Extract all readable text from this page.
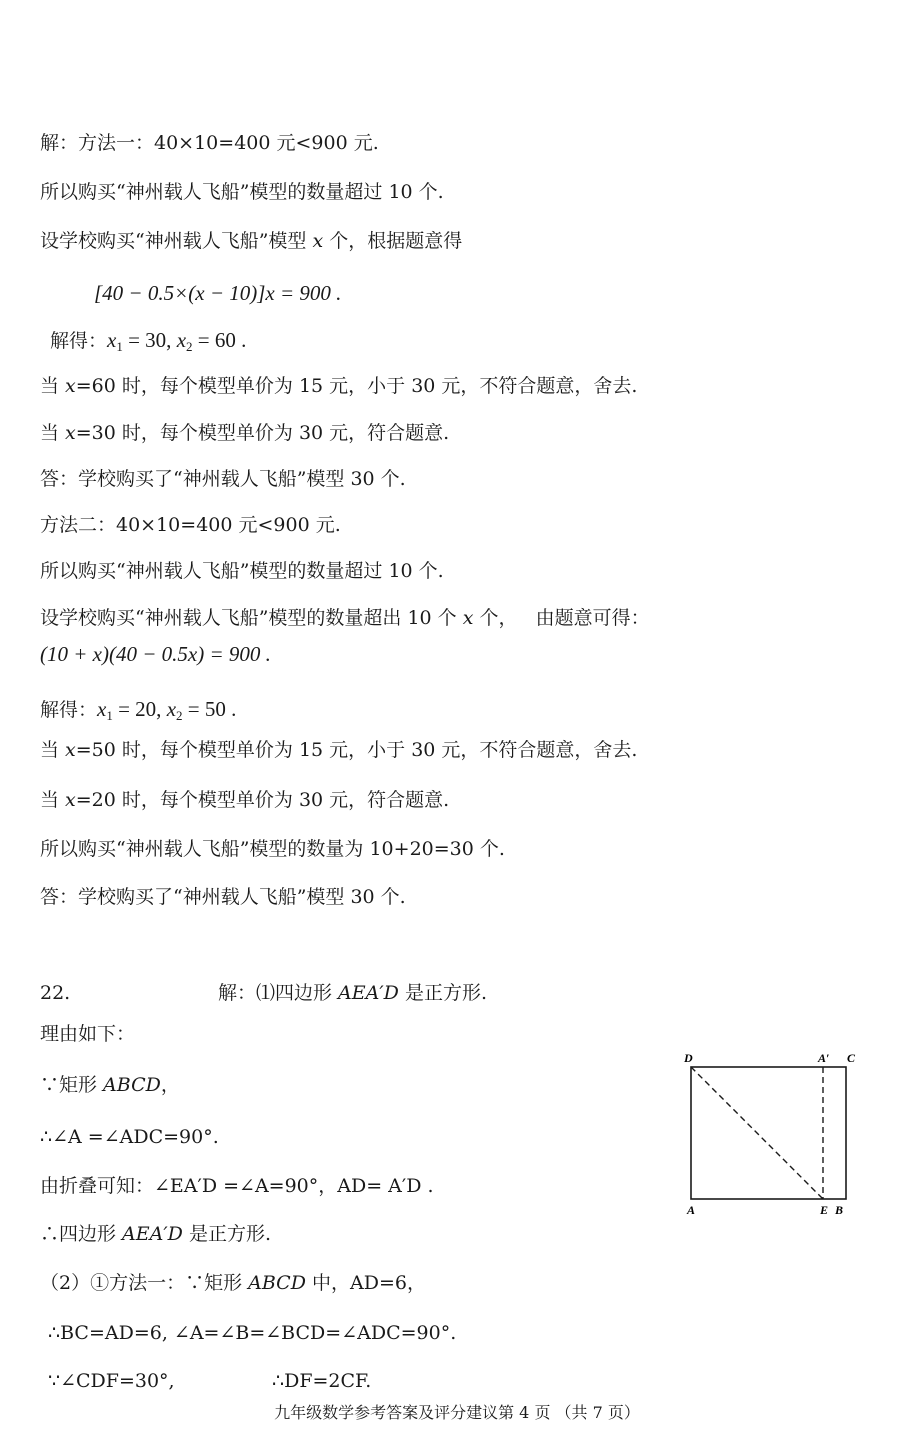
解：方法一：40×10=400 元<900 元.
所以购买“神州载人飞船”模型的数量超过 10 个.
设学校购买“神州载人飞船”模型 x 个，根据题意得
[40 − 0.5×(x − 10)]x = 900 .
解得：x1 = 30, x2 = 60 .
当 x=60 时，每个模型单价为 15 元，小于 30 元，不符合题意，舍去.
当 x=30 时，每个模型单价为 30 元，符合题意.
答：学校购买了“神州载人飞船”模型 30 个.
方法二：40×10=400 元<900 元.
所以购买“神州载人飞船”模型的数量超过 10 个.
设学校购买“神州载人飞船”模型的数量超出 10 个 x 个，   由题意可得：
(10 + x)(40 − 0.5x) = 900 .
解得：x1 = 20, x2 = 50 .
当 x=50 时，每个模型单价为 15 元，小于 30 元，不符合题意，舍去.
当 x=20 时，每个模型单价为 30 元，符合题意.
所以购买“神州载人飞船”模型的数量为 10+20=30 个.
答：学校购买了“神州载人飞船”模型 30 个.
22.	解：⑴四边形 AEA′D 是正方形.
理由如下：
∵矩形 ABCD，
∴∠A =∠ADC=90°.
由折叠可知：∠EA′D =∠A=90°，AD= A′D .
∴四边形 AEA′D 是正方形.
（2）①方法一：∵矩形 ABCD 中，AD=6，
∴BC=AD=6, ∠A=∠B=∠BCD=∠ADC=90°.
∵∠CDF=30°,	∴DF=2CF.
D	A′ C
A	E B
九年级数学参考答案及评分建议第 4 页 （共 7 页）
